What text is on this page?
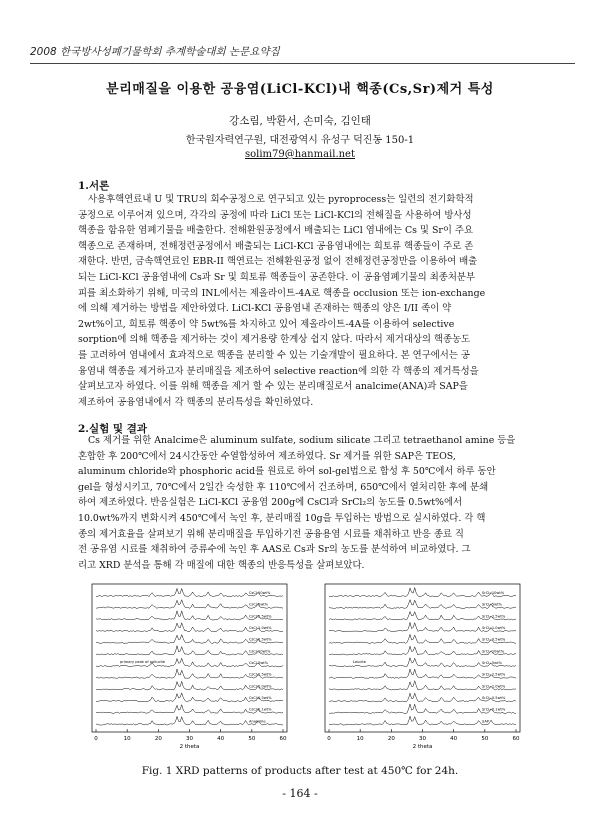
2008 한국방사성폐기물학회 추계학술대회 논문요약집
분리매질을 이용한 공융염(LiCl-KCl)내 핵종(Cs,Sr)제거 특성
강소림, 박환서, 손미숙, 김인태
한국원자력연구원, 대전광역시 유성구 덕진동 150-1
solim79@hanmail.net
1.서론
사용후핵연료내 U 및 TRU의 회수공정으로 연구되고 있는 pyroprocess는 일련의 전기화학적
공정으로 이루어져 있으며, 각각의 공정에 따라 LiCl 또는 LiCl-KCl의 전해질을 사용하여 방사성
핵종을 함유한 염폐기물을 배출한다. 전해환원공정에서 배출되는 LiCl 염내에는 Cs 및 Sr이 주요
핵종으로 존재하며, 전해정련공정에서 배출되는 LiCl-KCl 공융염내에는 희토류 핵종들이 주로 존
재한다. 반면, 금속핵연료인 EBR-II 핵연료는 전해환원공정 없이 전해정련공정만을 이용하여 배출
되는 LiCl-KCl 공융염내에 Cs과 Sr 및 희토류 핵종들이 공존한다. 이 공융염폐기물의 최종처분부
피를 최소화하기 위해, 미국의 INL에서는 제올라이트-4A로 핵종을 occlusion 또는 ion-exchange
에 의해 제거하는 방법을 제안하였다. LiCl-KCl 공융염내 존재하는 핵종의 양은 I/II 족이 약
2wt%이고, 희토류 핵종이 약 5wt%를 차지하고 있어 제올라이트-4A를 이용하여 selective
sorption에 의해 핵종을 제거하는 것이 제거용량 한계상 쉽지 않다. 따라서 제거대상의 핵종농도
를 고려하여 염내에서 효과적으로 핵종을 분리할 수 있는 기술개발이 필요하다. 본 연구에서는 공
융염내 핵종을 제거하고자 분리매질을 제조하여 selective reaction에 의한 각 핵종의 제거특성을
살펴보고자 하였다. 이를 위해 핵종을 제거 할 수 있는 분리매질로서 analcime(ANA)과 SAP을
제조하여 공융염내에서 각 핵종의 분리특성을 확인하였다.
2.실험 및 결과
Cs 제거를 위한 Analcime은 aluminum sulfate, sodium silicate 그리고 tetraethanol amine 등을
혼합한 후 200℃에서 24시간동안 수열합성하여 제조하였다. Sr 제거를 위한 SAP은 TEOS,
aluminum chloride와 phosphoric acid를 원료로 하여 sol-gel법으로 합성 후 50℃에서 하루 동안
gel을 형성시키고, 70℃에서 2일간 숙성한 후 110℃에서 건조하며, 650℃에서 열처리한 후에 분쇄
하여 제조하였다. 반응실험은 LiCl-KCl 공융염 200g에 CsCl과 SrCl₂의 농도를 0.5wt%에서
10.0wt%까지 변화시켜 450℃에서 녹인 후, 분리매질 10g을 투입하는 방법으로 실시하였다. 각 핵
종의 제거효율을 살펴보기 위해 분리매질을 투입하기전 공융용염 시료를 채취하고 반응 종료 직
전 공유염 시료를 채취하여 증류수에 녹인 후 AAS로 Cs과 Sr의 농도를 분석하여 비교하였다. 그
리고 XRD 분석을 통해 각 매질에 대한 핵종의 반응특성을 살펴보았다.
CsCl 10wt%
CsCl 5wt%
CsCl 2.5wt%
CsCl 1.0wt%
CsCl 0.5wt%
CsCl 10wt%
CsCl 5wt%
CsCl 2.5wt%
CsCl 1.0wt%
CsCl 0.5wt%
CsCl 0.1wt%
Analcime
primary peak of pollucite
0	10	20	30	40	50	60
2 theta
SrCl₂ 10wt%
SrCl₂ 5wt%
SrCl₂ 2.5wt%
SrCl₂ 1.0wt%
SrCl₂ 0.5wt%
SrCl₂ 10wt%
SrCl₂ 5wt%
SrCl₂ 2.5wt%
SrCl₂ 1.0wt%
SrCl₂ 0.5wt%
SrCl₂ 0.1wt%
SAP
Leucite
0	10	20	30	40	50	60
2 theta
Fig. 1 XRD patterns of products after test at 450℃ for 24h.
- 164 -
